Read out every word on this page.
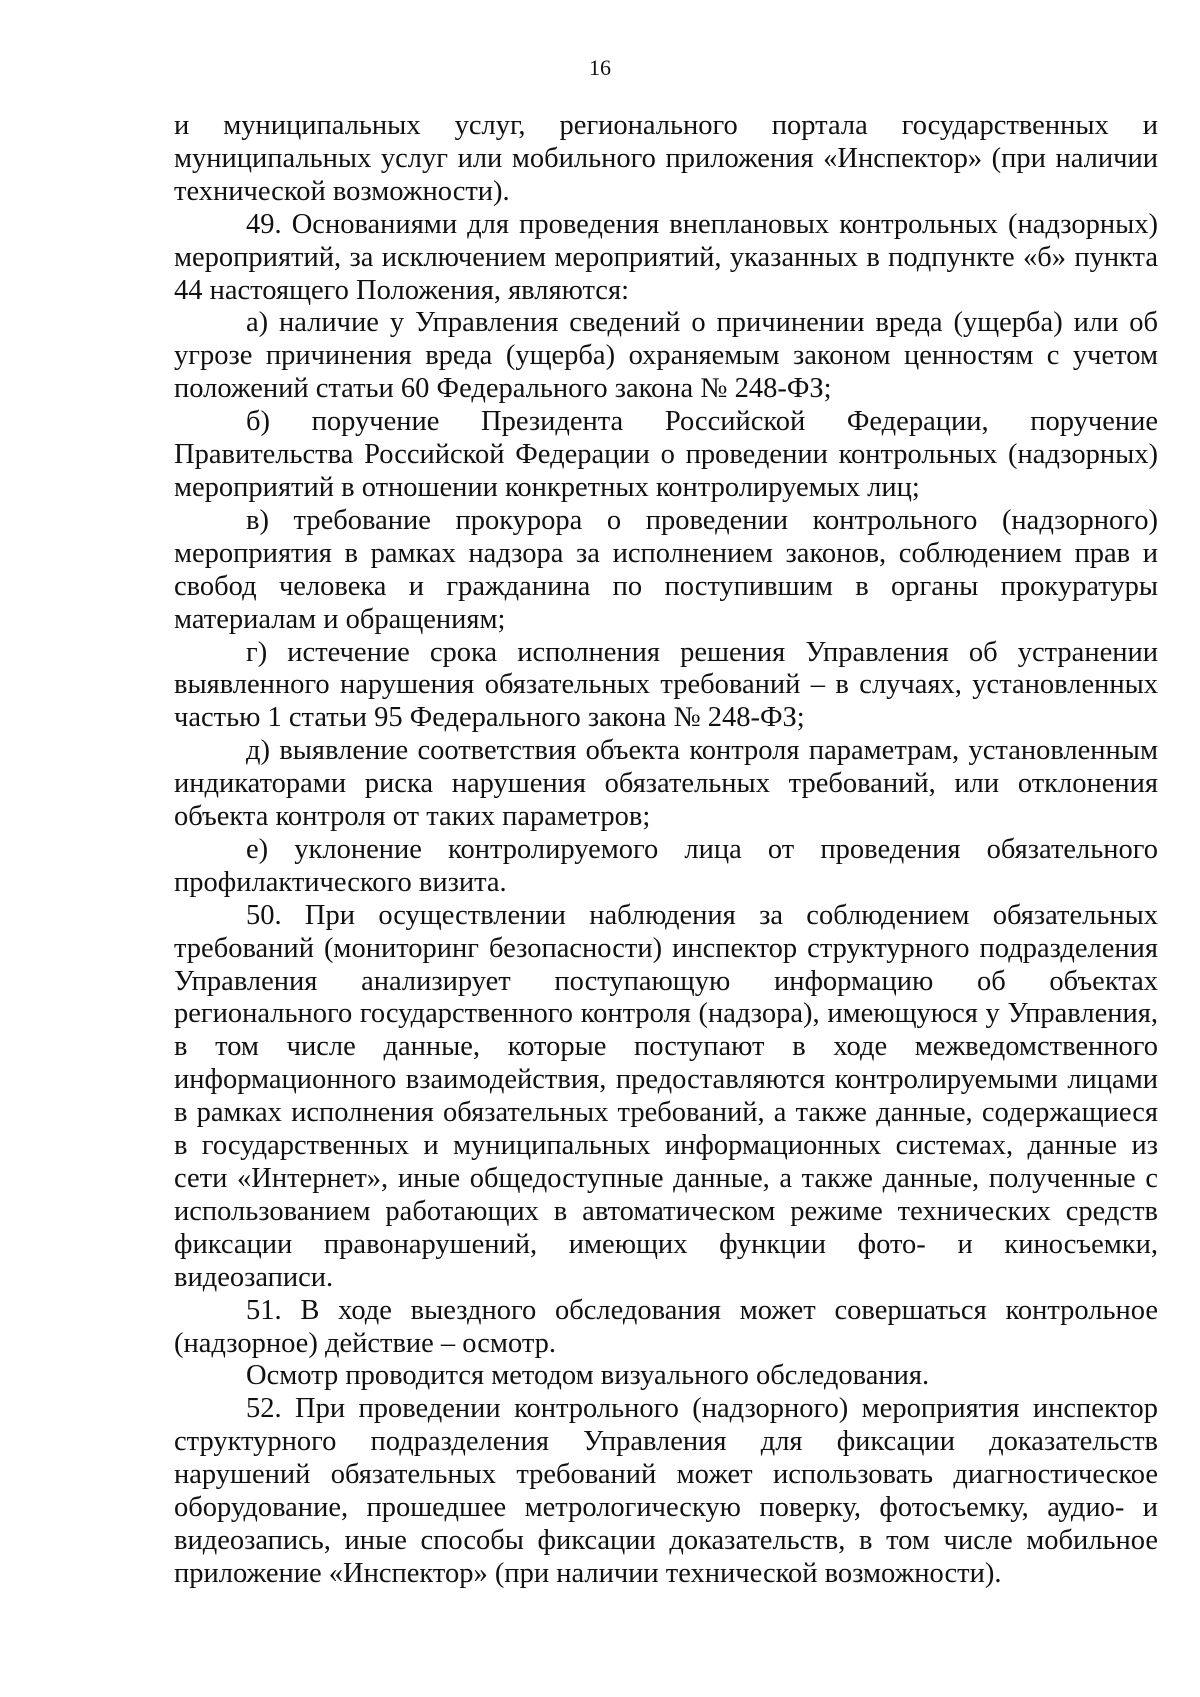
16

и муниципальных услуг, регионального портала государственных и муниципальных услуг или мобильного приложения «Инспектор» (при наличии технической возможности).

49. Основаниями для проведения внеплановых контрольных (надзорных) мероприятий, за исключением мероприятий, указанных в подпункте «б» пункта 44 настоящего Положения, являются:

а) наличие у Управления сведений о причинении вреда (ущерба) или об угрозе причинения вреда (ущерба) охраняемым законом ценностям с учетом положений статьи 60 Федерального закона № 248-ФЗ;

б) поручение Президента Российской Федерации, поручение Правительства Российской Федерации о проведении контрольных (надзорных) мероприятий в отношении конкретных контролируемых лиц;

в) требование прокурора о проведении контрольного (надзорного) мероприятия в рамках надзора за исполнением законов, соблюдением прав и свобод человека и гражданина по поступившим в органы прокуратуры материалам и обращениям;

г) истечение срока исполнения решения Управления об устранении выявленного нарушения обязательных требований – в случаях, установленных частью 1 статьи 95 Федерального закона № 248-ФЗ;

д) выявление соответствия объекта контроля параметрам, установленным индикаторами риска нарушения обязательных требований, или отклонения объекта контроля от таких параметров;

е) уклонение контролируемого лица от проведения обязательного профилактического визита.

50. При осуществлении наблюдения за соблюдением обязательных требований (мониторинг безопасности) инспектор структурного подразделения Управления анализирует поступающую информацию об объектах регионального государственного контроля (надзора), имеющуюся у Управления, в том числе данные, которые поступают в ходе межведомственного информационного взаимодействия, предоставляются контролируемыми лицами в рамках исполнения обязательных требований, а также данные, содержащиеся в государственных и муниципальных информационных системах, данные из сети «Интернет», иные общедоступные данные, а также данные, полученные с использованием работающих в автоматическом режиме технических средств фиксации правонарушений, имеющих функции фото- и киносъемки, видеозаписи.

51. В ходе выездного обследования может совершаться контрольное (надзорное) действие – осмотр.

Осмотр проводится методом визуального обследования.

52. При проведении контрольного (надзорного) мероприятия инспектор структурного подразделения Управления для фиксации доказательств нарушений обязательных требований может использовать диагностическое оборудование, прошедшее метрологическую поверку, фотосъемку, аудио- и видеозапись, иные способы фиксации доказательств, в том числе мобильное приложение «Инспектор» (при наличии технической возможности).
